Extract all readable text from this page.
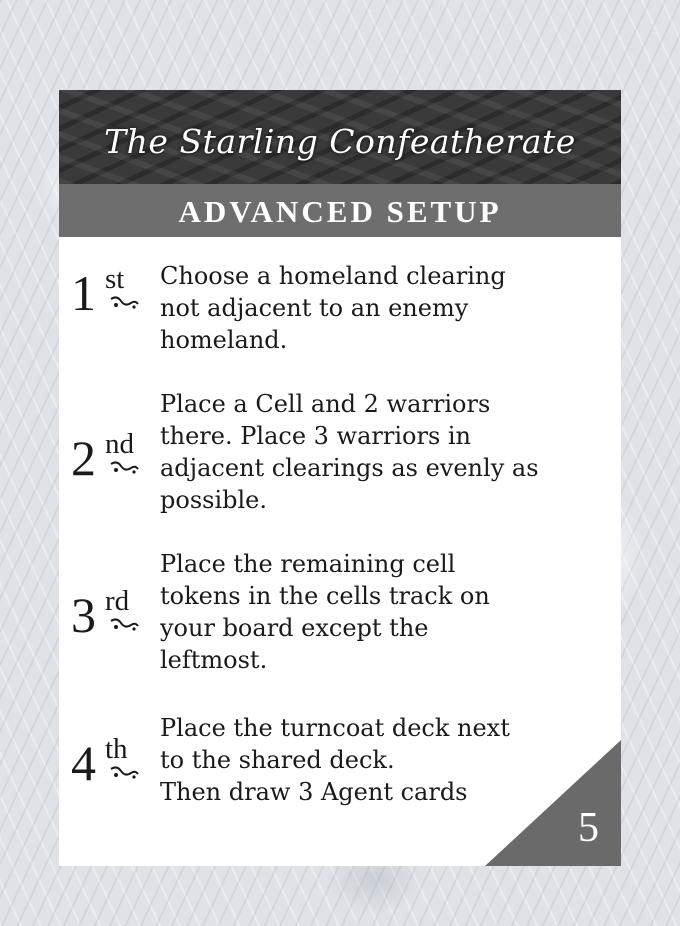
The Starling Confeatherate
ADVANCED SETUP
1 st Choose a homeland clearing

not adjacent to an enemy

homeland.

2 nd

Place a Cell and 2 warriors

there. Place 3 warriors in

adjacent clearings as evenly as

possible.

3 rd

Place the remaining cell

tokens in the cells track on

your board except the

leftmost.

4 th

Place the turncoat deck next

to the shared deck.

Then draw 3 Agent cards

5
